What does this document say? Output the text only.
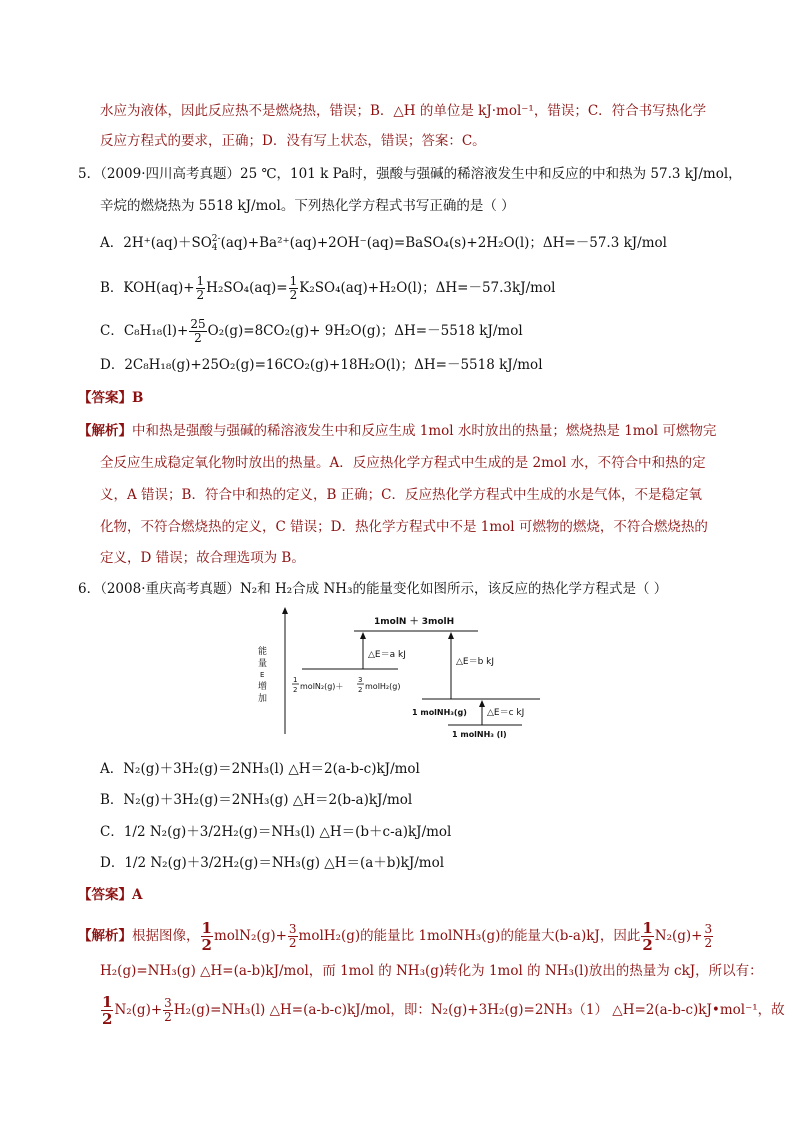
水应为液体，因此反应热不是燃烧热，错误；B．△H 的单位是 kJ·mol⁻¹，错误；C．符合书写热化学
反应方程式的要求，正确；D．没有写上状态，错误；答案：C。
5．（2009·四川高考真题）25 ℃，101 k Pa时，强酸与强碱的稀溶液发生中和反应的中和热为 57.3 kJ/mol，
辛烷的燃烧热为 5518 kJ/mol。下列热化学方程式书写正确的是（ ）
A．2H⁺(aq)＋SO 2-
4 (aq)+Ba²⁺(aq)+2OH⁻(aq)=BaSO₄(s)+2H₂O(l)；ΔH=－57.3 kJ/mol
B．$KOH(aq)+ \frac{1}{2} H_2SO_4(aq)= \frac{1}{2} K_2SO_4(aq)+H_2O(l)$；ΔH=－57.3kJ/mol
C．$C_8H_{18}(l)+ \frac{25}{2} O_2(g)=8CO_2(g)+ 9H_2O(g)$；ΔH=－5518 kJ/mol
D．2C₈H₁₈(g)+25O₂(g)=16CO₂(g)+18H₂O(l)；ΔH=－5518 kJ/mol
【答案】B
【解析】中和热是强酸与强碱的稀溶液发生中和反应生成 1mol 水时放出的热量；燃烧热是 1mol 可燃物完
全反应生成稳定氧化物时放出的热量。A．反应热化学方程式中生成的是 2mol 水，不符合中和热的定
义，A 错误；B．符合中和热的定义，B 正确；C．反应热化学方程式中生成的水是气体，不是稳定氧
化物，不符合燃烧热的定义，C 错误；D．热化学方程式中不是 1mol 可燃物的燃烧，不符合燃烧热的
定义，D 错误；故合理选项为 B。
6．（2008·重庆高考真题）N₂和 H₂合成 NH₃的能量变化如图所示，该反应的热化学方程式是（ ）
能
量
E
增
加
1molN ＋ 3molH
1
2 molN₂(g)＋
3
2 molH₂(g)
△E＝a kJ
△E＝b kJ
1 molNH₃(g) △E＝c kJ
1 molNH₃ (l)
A．N₂(g)＋3H₂(g)＝2NH₃(l) △H＝2(a-b-c)kJ/mol
B．N₂(g)＋3H₂(g)＝2NH₃(g) △H＝2(b-a)kJ/mol
C．1/2 N₂(g)＋3/2H₂(g)＝NH₃(l) △H＝(b＋c-a)kJ/mol
D．1/2 N₂(g)＋3/2H₂(g)＝NH₃(g) △H＝(a＋b)kJ/mol
【答案】A
【解析】根据图像， $\frac{1}{2}$ molN₂(g)+ $\frac{3}{2}$ molH₂(g)的能量比 1molNH₃(g)的能量大(b-a)kJ，因此 $\frac{1}{2} N_2(g)+ \frac{3}{2}$
H₂(g)=NH₃(g) △H=(a-b)kJ/mol，而 1mol 的 NH₃(g)转化为 1mol 的 NH₃(l)放出的热量为 ckJ，所以有：
$\frac{1}{2} N_2(g)+ \frac{3}{2} H_2(g)=NH_3(l)$ △H=(a-b-c)kJ/mol，即：N₂(g)+3H₂(g)=2NH₃（1） △H=2(a-b-c)kJ•mol⁻¹，故
